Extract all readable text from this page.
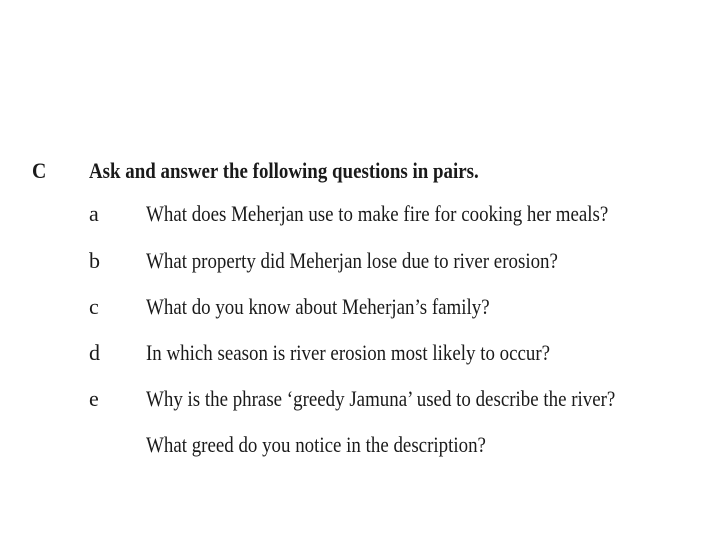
C Ask and answer the following questions in pairs.
a What does Meherjan use to make fire for cooking her meals?
b What property did Meherjan lose due to river erosion?
c What do you know about Meherjan’s family?
d In which season is river erosion most likely to occur?
e Why is the phrase ‘greedy Jamuna’ used to describe the river?
What greed do you notice in the description?
